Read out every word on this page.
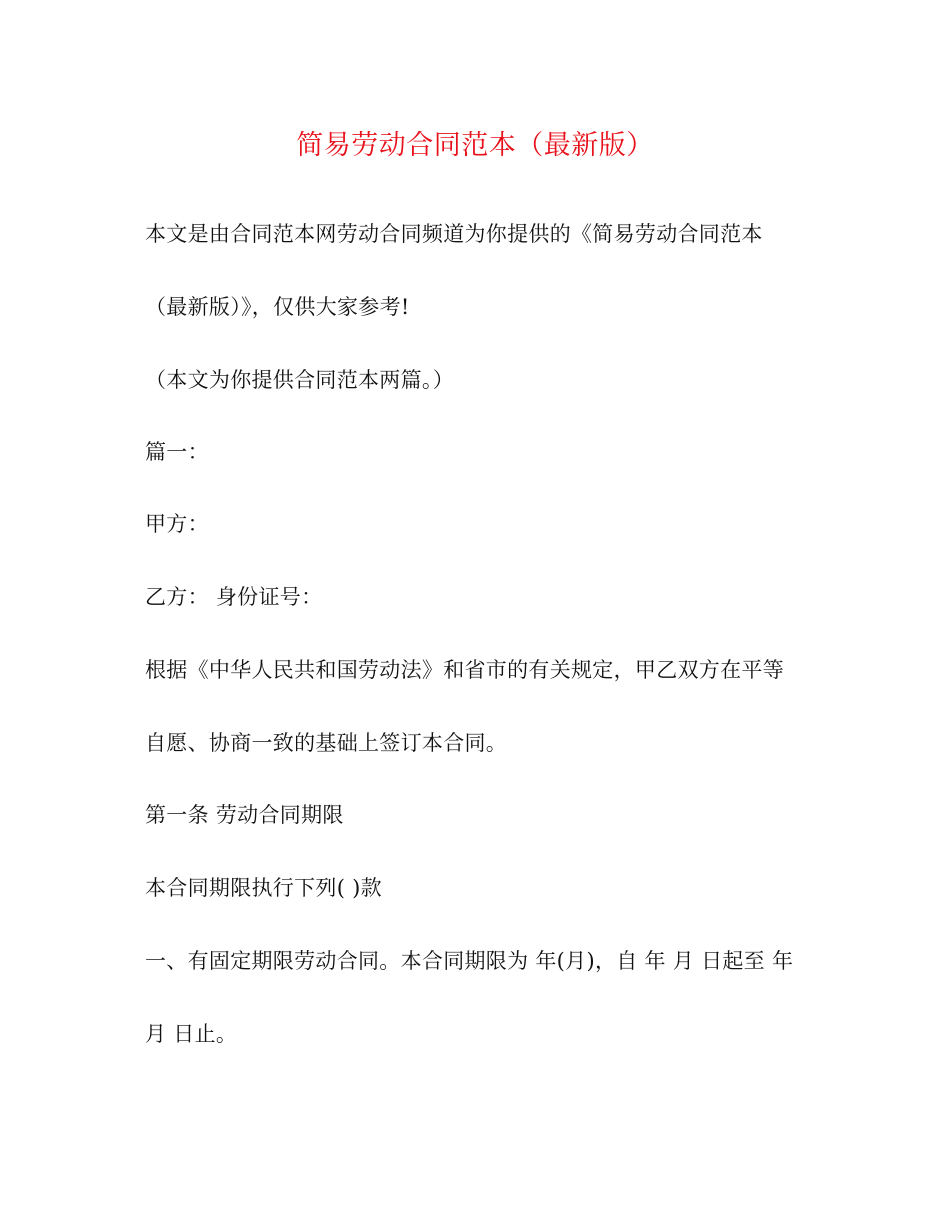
简易劳动合同范本（最新版）
本文是由合同范本网劳动合同频道为你提供的《简易劳动合同范本
（最新版）》，仅供大家参考!
（本文为你提供合同范本两篇。）
篇一：
甲方：
乙方： 身份证号：
根据《中华人民共和国劳动法》和省市的有关规定，甲乙双方在平等
自愿、协商一致的基础上签订本合同。
第一条 劳动合同期限
本合同期限执行下列( )款
一、有固定期限劳动合同。本合同期限为 年(月)，自 年 月 日起至 年
月 日止。
